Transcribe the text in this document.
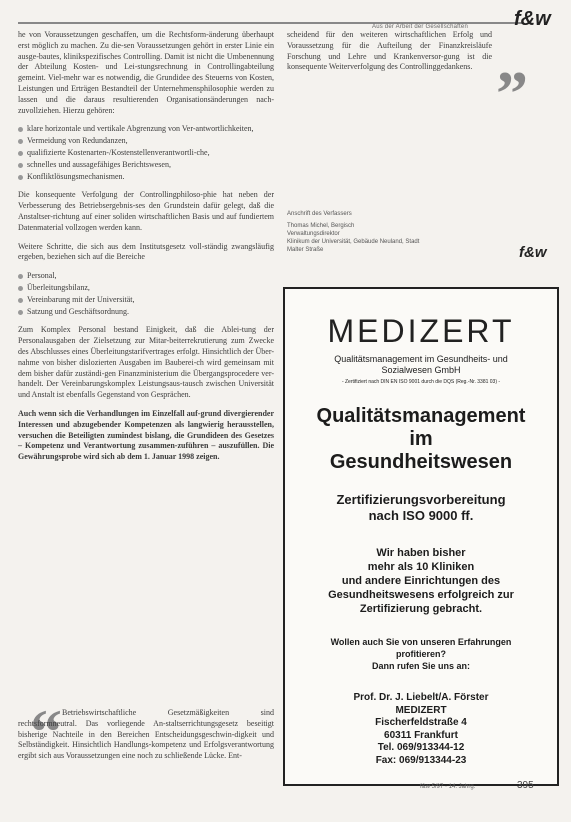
Aus der Arbeit der Gesellschaften f&w

he von Voraussetzungen geschaffen, um die Rechtsform-änderung überhaupt erst möglich zu machen. Zu die-sen Voraussetzungen gehört in erster Linie ein ausge-bautes, klinikspezifisches Controlling. Damit ist nicht die Umbenennung der Abteilung Kosten- und Lei-stungsrechnung in Controllingabteilung gemeint. Viel-mehr war es notwendig, die Grundidee des Steuerns von Kosten, Leistungen und Erträgen Bestandteil der Unternehmensphilosophie werden zu lassen und die daraus resultierenden Organisationsänderungen nach-zuvollziehen. Hierzu gehören:

klare horizontale und vertikale Abgrenzung von Ver-antwortlichkeiten,
Vermeidung von Redundanzen,
qualifizierte Kostenarten-/Kostenstellenverantwortli-che,
schnelles und aussagefähiges Berichtswesen,
Konfliktlösungsmechanismen.

Die konsequente Verfolgung der Controllingphiloso-phie hat neben der Verbesserung des Betriebsergebnis-ses den Grundstein dafür gelegt, daß die Anstaltser-richtung auf einer soliden wirtschaftlichen Basis und auf fundiertem Datenmaterial vollzogen werden kann.

Weitere Schritte, die sich aus dem Institutsgesetz voll-ständig zwangsläufig ergeben, beziehen sich auf die Bereiche

Personal,
Überleitungsbilanz,
Vereinbarung mit der Universität,
Satzung und Geschäftsordnung.

Zum Komplex Personal bestand Einigkeit, daß die Ablei-tung der Personalausgaben der Zielsetzung zur Mitar-beiterrekrutierung zum Zwecke des Abschlusses eines Überleitungstarifvertrages erfolgt. Hinsichtlich der Über-nahme von bisher dislozierten Ausgaben im Bauberei-ch wird gemeinsam mit dem bisher dafür zuständi-gen Finanzministerium die Übergangsprocedere ver-handelt. Der Vereinbarungskomplex Leistungsaus-tausch zwischen Universität und Anstalt ist ebenfalls Gegenstand von Gesprächen.

Auch wenn sich die Verhandlungen im Einzelfall auf-grund divergierender Interessen und abzugebender Kompetenzen als langwierig herausstellen, versuchen die Beteiligten zumindest bislang, die Grundideen des Gesetzes – Kompetenz und Verantwortung zusammen-zuführen – auszufüllen. Die Gewährungsprobe wird sich ab dem 1. Januar 1998 zeigen.

“ Betriebswirtschaftliche Gesetzmäßigkeiten sind rechtsformneutral. Das vorliegende An-staltserrichtungsgesetz beseitigt bisherige Nachteile in den Bereichen Entscheidungsgeschwin-digkeit und Selbständigkeit. Hinsichtlich Handlungs-kompetenz und Erfolgsverantwortung ergibt sich aus Voraussetzungen eine noch zu schließende Lücke. Ent-
scheidend für den weiteren wirtschaftlichen Erfolg und Voraussetzung für die Aufteilung der Finanzkreisläufe Forschung und Lehre und Krankenversor-gung ist die konsequente Weiterverfolgung des Controllinggedankens. ”
Anschrift des Verfassers
Thomas Michel, Bergisch
Verwaltungsdirektor
Klinikum der Universität, Gebäude Neuland, Stadt
Malter Straße	f&w
MEDIZERT
Qualitätsmanagement im Gesundheits- und Sozialwesen GmbH
- Zertifiziert nach DIN EN ISO 9001 durch die DQS (Reg.-Nr. 3381 03) -
Qualitätsmanagement
im
Gesundheitswesen
Zertifizierungsvorbereitung
nach ISO 9000 ff.
Wir haben bisher
mehr als 10 Kliniken
und andere Einrichtungen des
Gesundheitswesens erfolgreich zur
Zertifizierung gebracht.
Wollen auch Sie von unseren Erfahrungen
profitieren?
Dann rufen Sie uns an:
Prof. Dr. J. Liebelt/A. Förster
MEDIZERT
Fischerfeldstraße 4
60311 Frankfurt
Tel. 069/913344-12
Fax: 069/913344-23
f&w 5/97 · 14. Jahrg.	395
